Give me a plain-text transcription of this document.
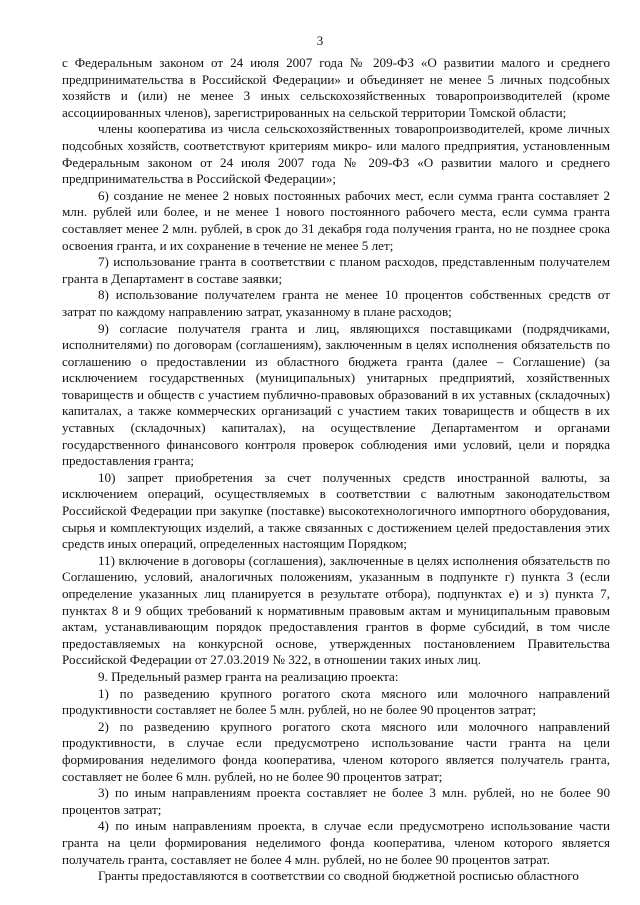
3

с Федеральным законом от 24 июля 2007 года № 209-ФЗ «О развитии малого и среднего предпринимательства в Российской Федерации» и объединяет не менее 5 личных подсобных хозяйств и (или) не менее 3 иных сельскохозяйственных товаропроизводителей (кроме ассоциированных членов), зарегистрированных на сельской территории Томской области;

члены кооператива из числа сельскохозяйственных товаропроизводителей, кроме личных подсобных хозяйств, соответствуют критериям микро- или малого предприятия, установленным Федеральным законом от 24 июля 2007 года № 209-ФЗ «О развитии малого и среднего предпринимательства в Российской Федерации»;

6) создание не менее 2 новых постоянных рабочих мест, если сумма гранта составляет 2 млн. рублей или более, и не менее 1 нового постоянного рабочего места, если сумма гранта составляет менее 2 млн. рублей, в срок до 31 декабря года получения гранта, но не позднее срока освоения гранта, и их сохранение в течение не менее 5 лет;

7) использование гранта в соответствии с планом расходов, представленным получателем гранта в Департамент в составе заявки;

8) использование получателем гранта не менее 10 процентов собственных средств от затрат по каждому направлению затрат, указанному в плане расходов;

9) согласие получателя гранта и лиц, являющихся поставщиками (подрядчиками, исполнителями) по договорам (соглашениям), заключенным в целях исполнения обязательств по соглашению о предоставлении из областного бюджета гранта (далее – Соглашение) (за исключением государственных (муниципальных) унитарных предприятий, хозяйственных товариществ и обществ с участием публично-правовых образований в их уставных (складочных) капиталах, а также коммерческих организаций с участием таких товариществ и обществ в их уставных (складочных) капиталах), на осуществление Департаментом и органами государственного финансового контроля проверок соблюдения ими условий, цели и порядка предоставления гранта;

10) запрет приобретения за счет полученных средств иностранной валюты, за исключением операций, осуществляемых в соответствии с валютным законодательством Российской Федерации при закупке (поставке) высокотехнологичного импортного оборудования, сырья и комплектующих изделий, а также связанных с достижением целей предоставления этих средств иных операций, определенных настоящим Порядком;

11) включение в договоры (соглашения), заключенные в целях исполнения обязательств по Соглашению, условий, аналогичных положениям, указанным в подпункте г) пункта 3 (если определение указанных лиц планируется в результате отбора), подпунктах е) и з) пункта 7, пунктах 8 и 9 общих требований к нормативным правовым актам и муниципальным правовым актам, устанавливающим порядок предоставления грантов в форме субсидий, в том числе предоставляемых на конкурсной основе, утвержденных постановлением Правительства Российской Федерации от 27.03.2019 № 322, в отношении таких иных лиц.

9. Предельный размер гранта на реализацию проекта:

1) по разведению крупного рогатого скота мясного или молочного направлений продуктивности составляет не более 5 млн. рублей, но не более 90 процентов затрат;

2) по разведению крупного рогатого скота мясного или молочного направлений продуктивности, в случае если предусмотрено использование части гранта на цели формирования неделимого фонда кооператива, членом которого является получатель гранта, составляет не более 6 млн. рублей, но не более 90 процентов затрат;

3) по иным направлениям проекта составляет не более 3 млн. рублей, но не более 90 процентов затрат;

4) по иным направлениям проекта, в случае если предусмотрено использование части гранта на цели формирования неделимого фонда кооператива, членом которого является получатель гранта, составляет не более 4 млн. рублей, но не более 90 процентов затрат.

Гранты предоставляются в соответствии со сводной бюджетной росписью областного
